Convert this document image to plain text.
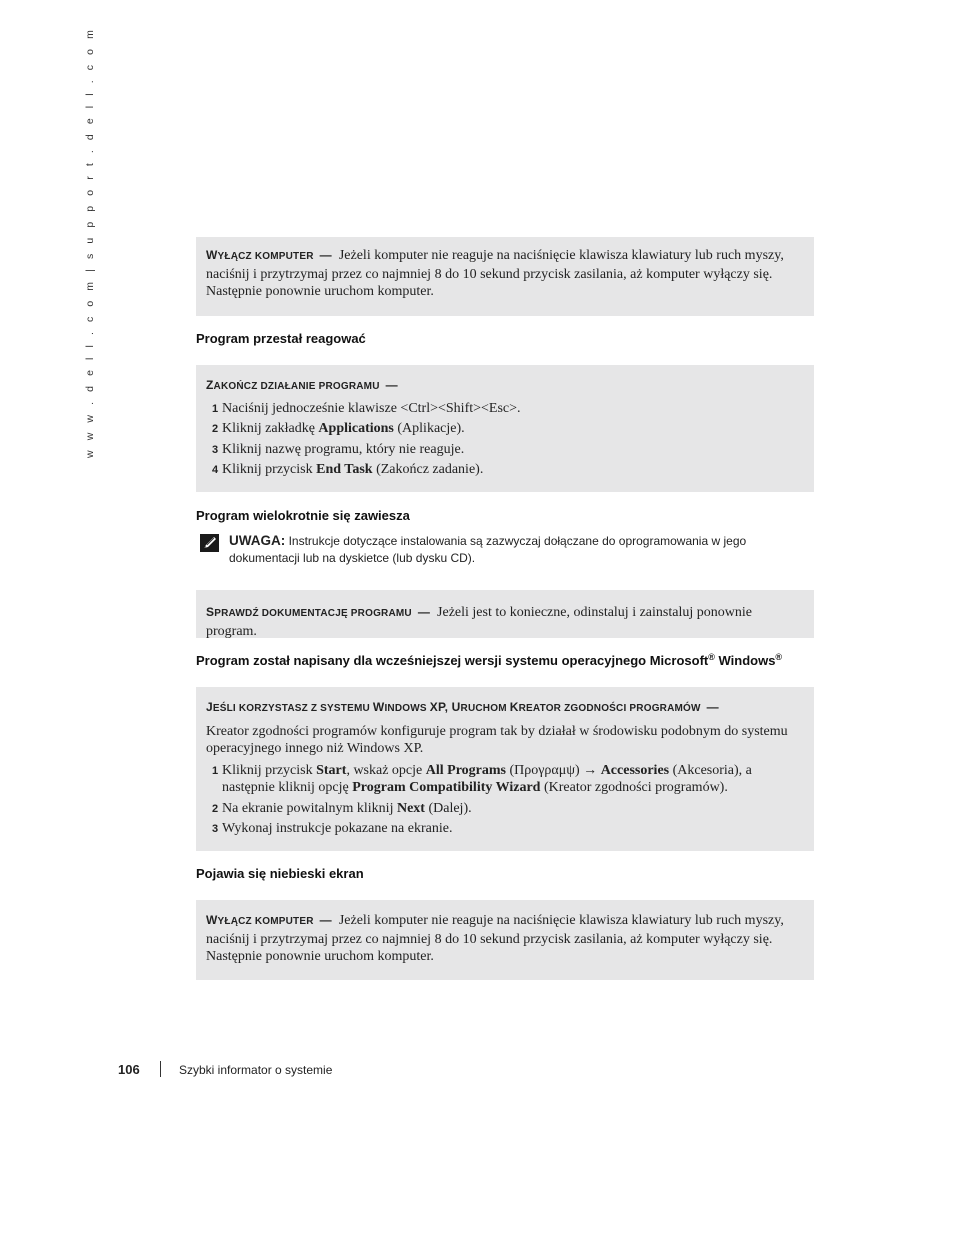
w w w . d e l l . c o m | s u p p o r t . d e l l . c o m	WYŁĄCZ KOMPUTER — Jeżeli komputer nie reaguje na naciśnięcie klawisza klawiatury lub ruch myszy, naciśnij i przytrzymaj przez co najmniej 8 do 10 sekund przycisk zasilania, aż komputer wyłączy się. Następnie ponownie uruchom komputer.
Program przestał reagować
ZAKOŃCZ DZIAŁANIE PROGRAMU —
1 Naciśnij jednocześnie klawisze <Ctrl><Shift><Esc>.
2 Kliknij zakładkę Applications (Aplikacje).
3 Kliknij nazwę programu, który nie reaguje.
4 Kliknij przycisk End Task (Zakończ zadanie).
Program wielokrotnie się zawiesza
UWAGA: Instrukcje dotyczące instalowania są zazwyczaj dołączane do oprogramowania w jego dokumentacji lub na dyskietce (lub dysku CD).
SPRAWDŹ DOKUMENTACJĘ PROGRAMU — Jeżeli jest to konieczne, odinstaluj i zainstaluj ponownie program.
Program został napisany dla wcześniejszej wersji systemu operacyjnego Microsoft® Windows®
JEŚLI KORZYSTASZ Z SYSTEMU WINDOWS XP, URUCHOM KREATOR ZGODNOŚCI PROGRAMÓW —
Kreator zgodności programów konfiguruje program tak by działał w środowisku podobnym do systemu operacyjnego innego niż Windows XP.
1 Kliknij przycisk Start, wskaż opcje All Programs (Προγραμψ) → Accessories (Akcesoria), a następnie kliknij opcję Program Compatibility Wizard (Kreator zgodności programów).
2 Na ekranie powitalnym kliknij Next (Dalej).
3 Wykonaj instrukcje pokazane na ekranie.
Pojawia się niebieski ekran
WYŁĄCZ KOMPUTER — Jeżeli komputer nie reaguje na naciśnięcie klawisza klawiatury lub ruch myszy, naciśnij i przytrzymaj przez co najmniej 8 do 10 sekund przycisk zasilania, aż komputer wyłączy się. Następnie ponownie uruchom komputer.
106	Szybki informator o systemie
